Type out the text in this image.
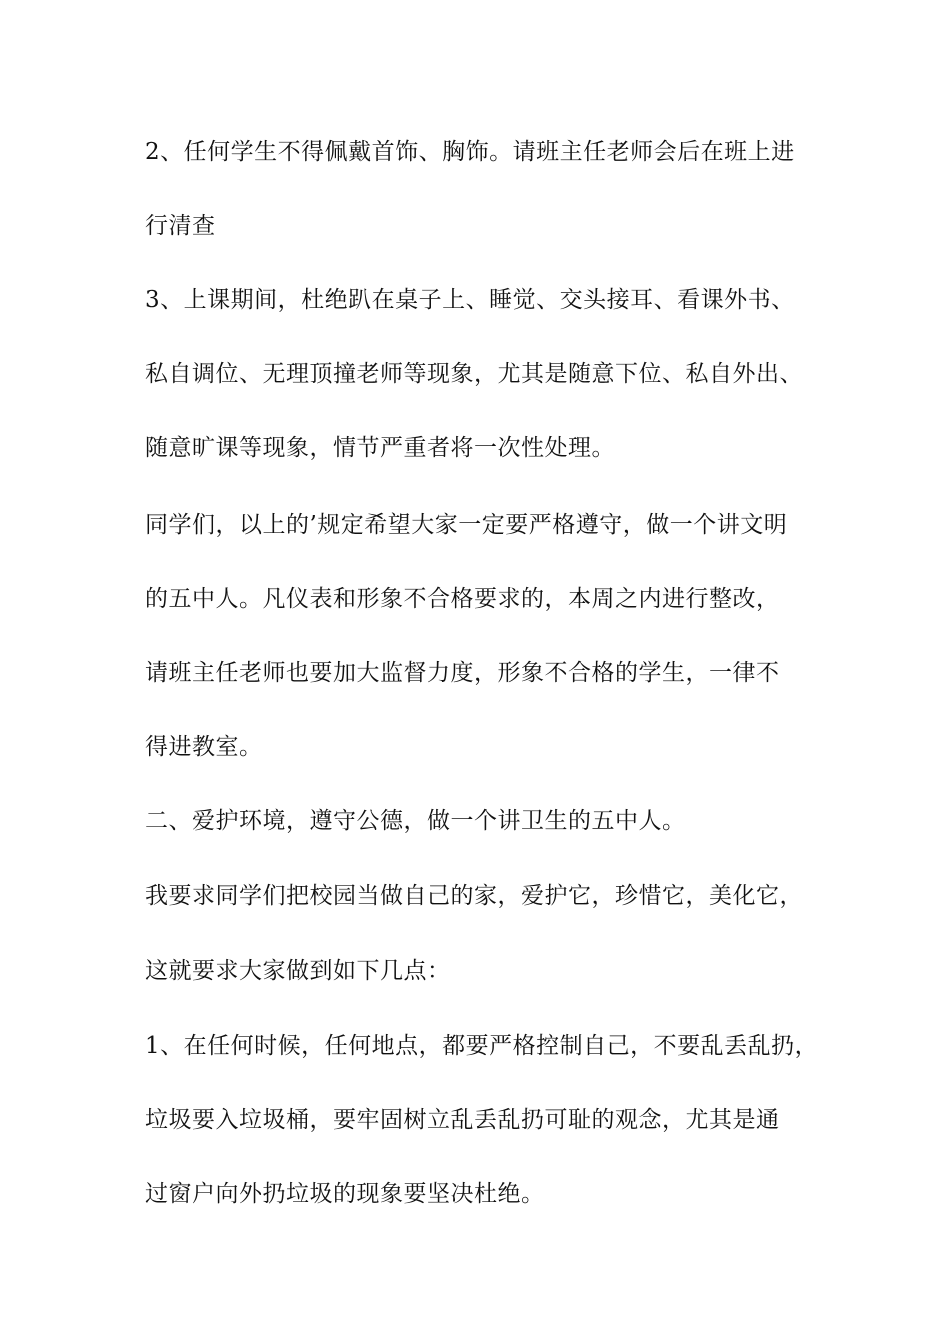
2、任何学生不得佩戴首饰、胸饰。请班主任老师会后在班上进
行清查
3、上课期间，杜绝趴在桌子上、睡觉、交头接耳、看课外书、
私自调位、无理顶撞老师等现象，尤其是随意下位、私自外出、
随意旷课等现象，情节严重者将一次性处理。
同学们，以上的’规定希望大家一定要严格遵守，做一个讲文明
的五中人。凡仪表和形象不合格要求的，本周之内进行整改，
请班主任老师也要加大监督力度，形象不合格的学生，一律不
得进教室。
二、爱护环境，遵守公德，做一个讲卫生的五中人。
我要求同学们把校园当做自己的家，爱护它，珍惜它，美化它，
这就要求大家做到如下几点：
1、在任何时候，任何地点，都要严格控制自己，不要乱丢乱扔，
垃圾要入垃圾桶，要牢固树立乱丢乱扔可耻的观念，尤其是通
过窗户向外扔垃圾的现象要坚决杜绝。
